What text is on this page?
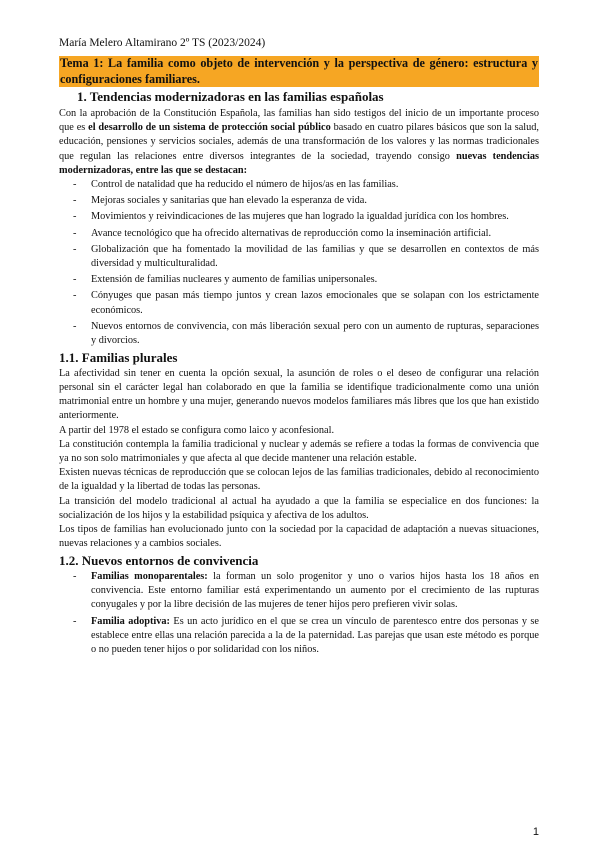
María Melero Altamirano 2º TS (2023/2024)
Tema 1: La familia como objeto de intervención y la perspectiva de género: estructura y configuraciones familiares.
1. Tendencias modernizadoras en las familias españolas

Con la aprobación de la Constitución Española, las familias han sido testigos del inicio de un importante proceso que es el desarrollo de un sistema de protección social público basado en cuatro pilares básicos que son la salud, educación, pensiones y servicios sociales, además de una transformación de los valores y las normas tradicionales que regulan las relaciones entre diversos integrantes de la sociedad, trayendo consigo nuevas tendencias modernizadoras, entre las que se destacan:

- Control de natalidad que ha reducido el número de hijos/as en las familias.
- Mejoras sociales y sanitarias que han elevado la esperanza de vida.
- Movimientos y reivindicaciones de las mujeres que han logrado la igualdad jurídica con los hombres.
- Avance tecnológico que ha ofrecido alternativas de reproducción como la inseminación artificial.
- Globalización que ha fomentado la movilidad de las familias y que se desarrollen en contextos de más diversidad y multiculturalidad.
- Extensión de familias nucleares y aumento de familias unipersonales.
- Cónyuges que pasan más tiempo juntos y crean lazos emocionales que se solapan con los estrictamente económicos.
- Nuevos entornos de convivencia, con más liberación sexual pero con un aumento de rupturas, separaciones y divorcios.
1.1. Familias plurales

La afectividad sin tener en cuenta la opción sexual, la asunción de roles o el deseo de configurar una relación personal sin el carácter legal han colaborado en que la familia se identifique tradicionalmente como una unión matrimonial entre un hombre y una mujer, generando nuevos modelos familiares más libres que los que han existido anteriormente.

A partir del 1978 el estado se configura como laico y aconfesional.

La constitución contempla la familia tradicional y nuclear y además se refiere a todas la formas de convivencia que ya no son solo matrimoniales y que afecta al que decide mantener una relación estable.

Existen nuevas técnicas de reproducción que se colocan lejos de las familias tradicionales, debido al reconocimiento de la igualdad y la libertad de todas las personas.

La transición del modelo tradicional al actual ha ayudado a que la familia se especialice en dos funciones: la socialización de los hijos y la estabilidad psíquica y afectiva de los adultos.

Los tipos de familias han evolucionado junto con la sociedad por la capacidad de adaptación a nuevas situaciones, nuevas relaciones y a cambios sociales.

1.2. Nuevos entornos de convivencia
- Familias monoparentales: la forman un solo progenitor y uno o varios hijos hasta los 18 años en convivencia. Este entorno familiar está experimentando un aumento por el crecimiento de las rupturas conyugales y por la libre decisión de las mujeres de tener hijos pero prefieren vivir solas.
- Familia adoptiva: Es un acto jurídico en el que se crea un vínculo de parentesco entre dos personas y se establece entre ellas una relación parecida a la de la paternidad. Las parejas que usan este método es porque o no pueden tener hijos o por solidaridad con los niños.
1
